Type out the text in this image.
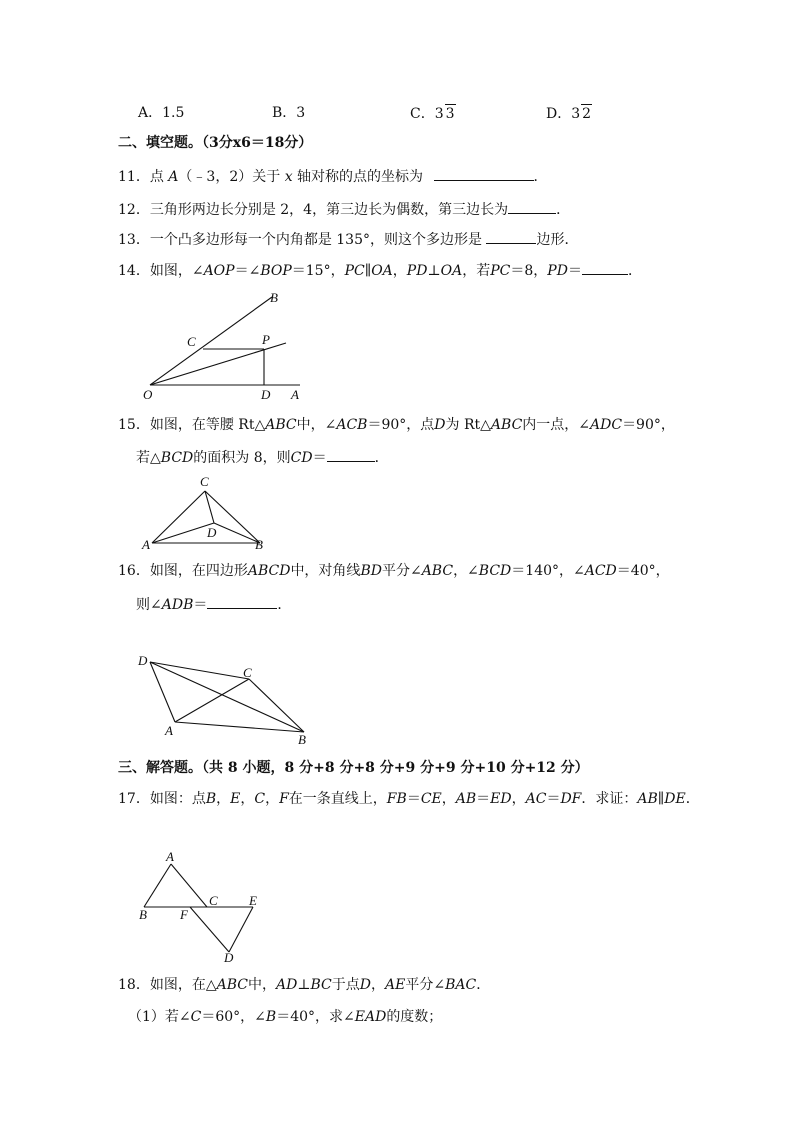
A．1.5	B．3	C．3 3	D．3 2
二、填空题。（3分x6＝18分）
11．点 A（﹣3，2）关于 x 轴对称的点的坐标为	．
12．三角形两边长分别是 2，4，第三边长为偶数，第三边长为	．
13．一个凸多边形每一个内角都是 135°，则这个多边形是	边形．
14．如图，∠AOP＝∠BOP＝15°，PC∥OA，PD⊥OA，若PC＝8，PD＝	．
B
C	P
O	D A
15．如图，在等腰 Rt△ABC中，∠ACB＝90°，点D为 Rt△ABC内一点，∠ADC＝90°，
若△BCD的面积为 8，则CD＝	．
C
D
A	B
16．如图，在四边形ABCD中，对角线BD平分∠ABC，∠BCD＝140°，∠ACD＝40°，
则∠ADB＝	．
D
C
A
B
三、解答题。（共 8 小题，8 分+8 分+8 分+9 分+9 分+10 分+12 分）
17．如图：点B，E，C，F在一条直线上，FB＝CE，AB＝ED，AC＝DF．求证：AB∥DE．
A
B	F
C E
D
18．如图，在△ABC中，AD⊥BC于点D，AE平分∠BAC．
（1）若∠C＝60°，∠B＝40°，求∠EAD的度数；
